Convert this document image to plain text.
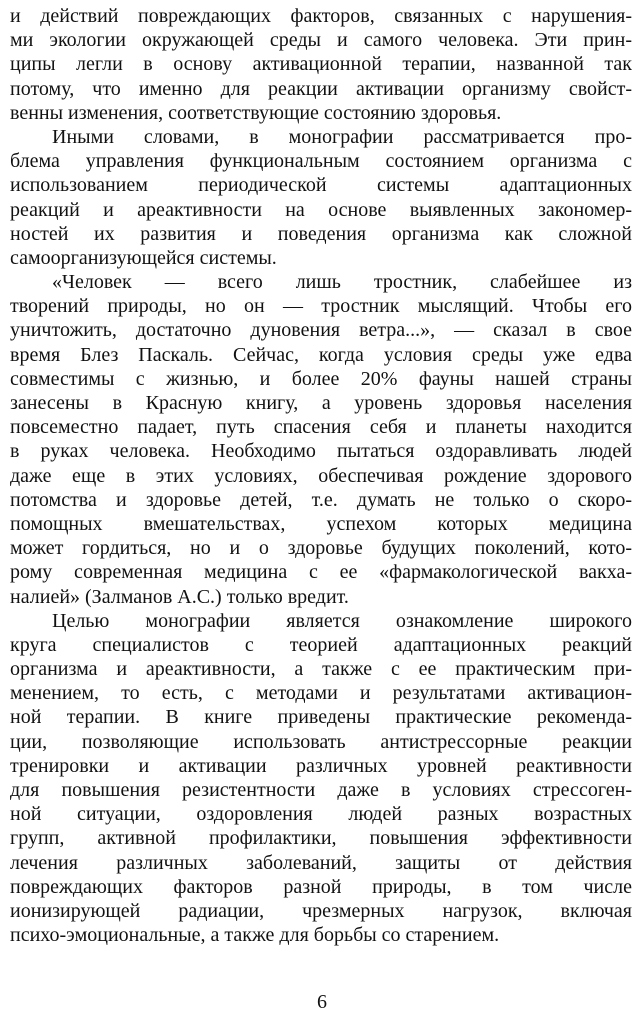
и действий повреждающих факторов, связанных с нарушения-
ми экологии окружающей среды и самого человека. Эти прин-
ципы легли в основу активационной терапии, названной так
потому, что именно для реакции активации организму свойст-
венны изменения, соответствующие состоянию здоровья.
Иными словами, в монографии рассматривается про-
блема управления функциональным состоянием организма с
использованием периодической системы адаптационных
реакций и ареактивности на основе выявленных закономер-
ностей их развития и поведения организма как сложной
самоорганизующейся системы.
«Человек — всего лишь тростник, слабейшее из
творений природы, но он — тростник мыслящий. Чтобы его
уничтожить, достаточно дуновения ветра...», — сказал в свое
время Блез Паскаль. Сейчас, когда условия среды уже едва
совместимы с жизнью, и более 20% фауны нашей страны
занесены в Красную книгу, а уровень здоровья населения
повсеместно падает, путь спасения себя и планеты находится
в руках человека. Необходимо пытаться оздоравливать людей
даже еще в этих условиях, обеспечивая рождение здорового
потомства и здоровье детей, т.е. думать не только о скоро-
помощных вмешательствах, успехом которых медицина
может гордиться, но и о здоровье будущих поколений, кото-
рому современная медицина с ее «фармакологической вакха-
налией» (Залманов А.С.) только вредит.
Целью монографии является ознакомление широкого
круга специалистов с теорией адаптационных реакций
организма и ареактивности, а также с ее практическим при-
менением, то есть, с методами и результатами активацион-
ной терапии. В книге приведены практические рекоменда-
ции, позволяющие использовать антистрессорные реакции
тренировки и активации различных уровней реактивности
для повышения резистентности даже в условиях стрессоген-
ной ситуации, оздоровления людей разных возрастных
групп, активной профилактики, повышения эффективности
лечения различных заболеваний, защиты от действия
повреждающих факторов разной природы, в том числе
ионизирующей радиации, чрезмерных нагрузок, включая
психо-эмоциональные, а также для борьбы со старением.
6
